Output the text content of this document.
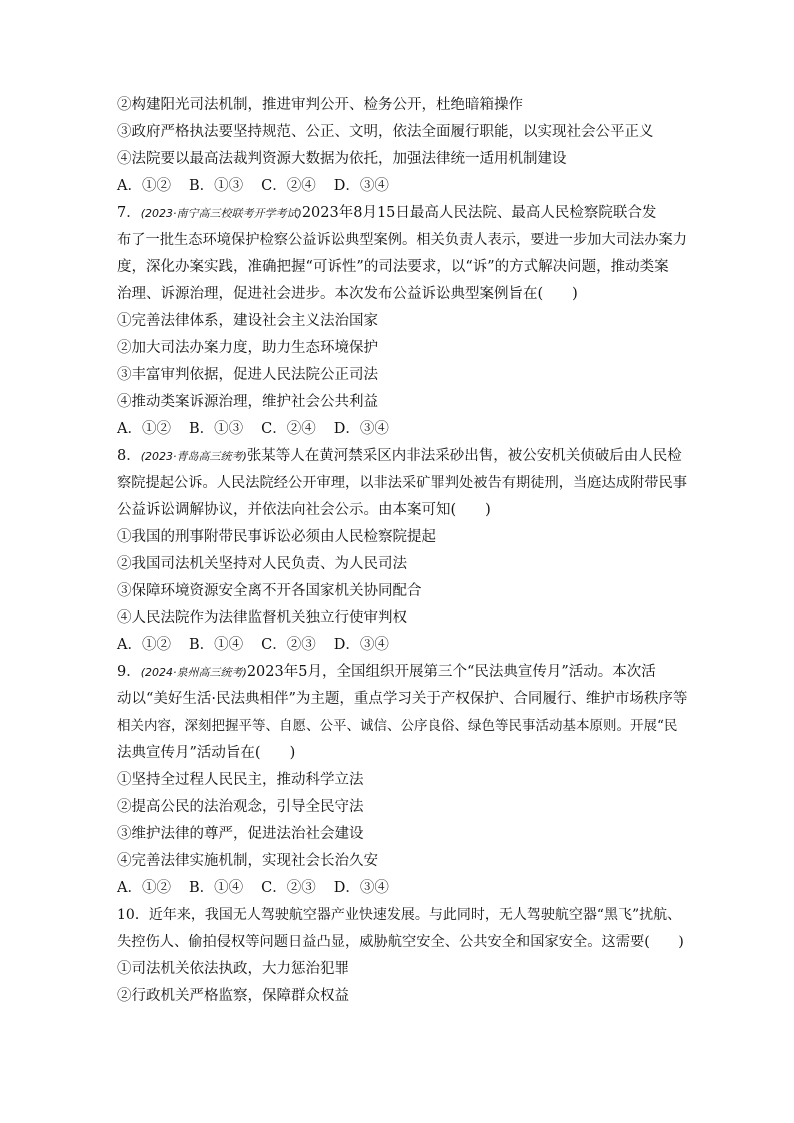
②构建阳光司法机制，推进审判公开、检务公开，杜绝暗箱操作
③政府严格执法要坚持规范、公正、文明，依法全面履行职能，以实现社会公平正义
④法院要以最高法裁判资源大数据为依托，加强法律统一适用机制建设
A．①② B．①③ C．②④ D．③④
7．(2023·南宁高三校联考开学考试)2023年8月15日最高人民法院、最高人民检察院联合发
布了一批生态环境保护检察公益诉讼典型案例。相关负责人表示，要进一步加大司法办案力
度，深化办案实践，准确把握“可诉性”的司法要求，以“诉”的方式解决问题，推动类案
治理、诉源治理，促进社会进步。本次发布公益诉讼典型案例旨在(　　)
①完善法律体系，建设社会主义法治国家
②加大司法办案力度，助力生态环境保护
③丰富审判依据，促进人民法院公正司法
④推动类案诉源治理，维护社会公共利益
A．①② B．①③ C．②④ D．③④
8．(2023·青岛高三统考)张某等人在黄河禁采区内非法采砂出售，被公安机关侦破后由人民检
察院提起公诉。人民法院经公开审理，以非法采矿罪判处被告有期徒刑，当庭达成附带民事
公益诉讼调解协议，并依法向社会公示。由本案可知(　　)
①我国的刑事附带民事诉讼必须由人民检察院提起
②我国司法机关坚持对人民负责、为人民司法
③保障环境资源安全离不开各国家机关协同配合
④人民法院作为法律监督机关独立行使审判权
A．①② B．①④ C．②③ D．③④
9．(2024·泉州高三统考)2023年5月，全国组织开展第三个“民法典宣传月”活动。本次活
动以“美好生活·民法典相伴”为主题，重点学习关于产权保护、合同履行、维护市场秩序等
相关内容，深刻把握平等、自愿、公平、诚信、公序良俗、绿色等民事活动基本原则。开展“民
法典宣传月”活动旨在(　　)
①坚持全过程人民民主，推动科学立法
②提高公民的法治观念，引导全民守法
③维护法律的尊严，促进法治社会建设
④完善法律实施机制，实现社会长治久安
A．①② B．①④ C．②③ D．③④
10．近年来，我国无人驾驶航空器产业快速发展。与此同时，无人驾驶航空器“黑飞”扰航、
失控伤人、偷拍侵权等问题日益凸显，威胁航空安全、公共安全和国家安全。这需要(　　)
①司法机关依法执政，大力惩治犯罪
②行政机关严格监察，保障群众权益
